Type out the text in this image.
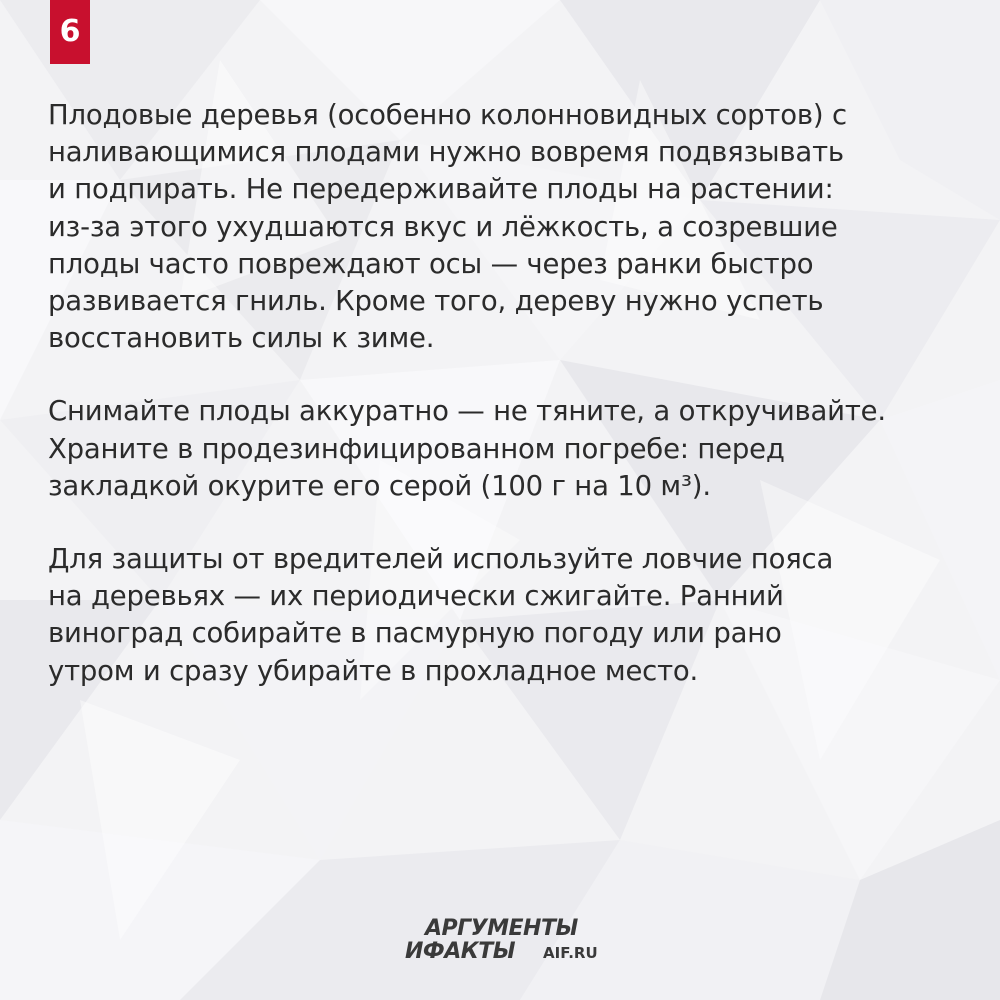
6

Плодовые деревья (особенно колонновидных сортов) с
наливающимися плодами нужно вовремя подвязывать
и подпирать. Не передерживайте плоды на растении:
из-за этого ухудшаются вкус и лёжкость, а созревшие
плоды часто повреждают осы — через ранки быстро
развивается гниль. Кроме того, дереву нужно успеть
восстановить силы к зиме.

Снимайте плоды аккуратно — не тяните, а откручивайте.
Храните в продезинфицированном погребе: перед
закладкой окурите его серой (100 г на 10 м³).

Для защиты от вредителей используйте ловчие пояса
на деревьях — их периодически сжигайте. Ранний
виноград собирайте в пасмурную погоду или рано
утром и сразу убирайте в прохладное место.

АРГУМЕНТЫ
ИФАКТЫ AIF.RU
